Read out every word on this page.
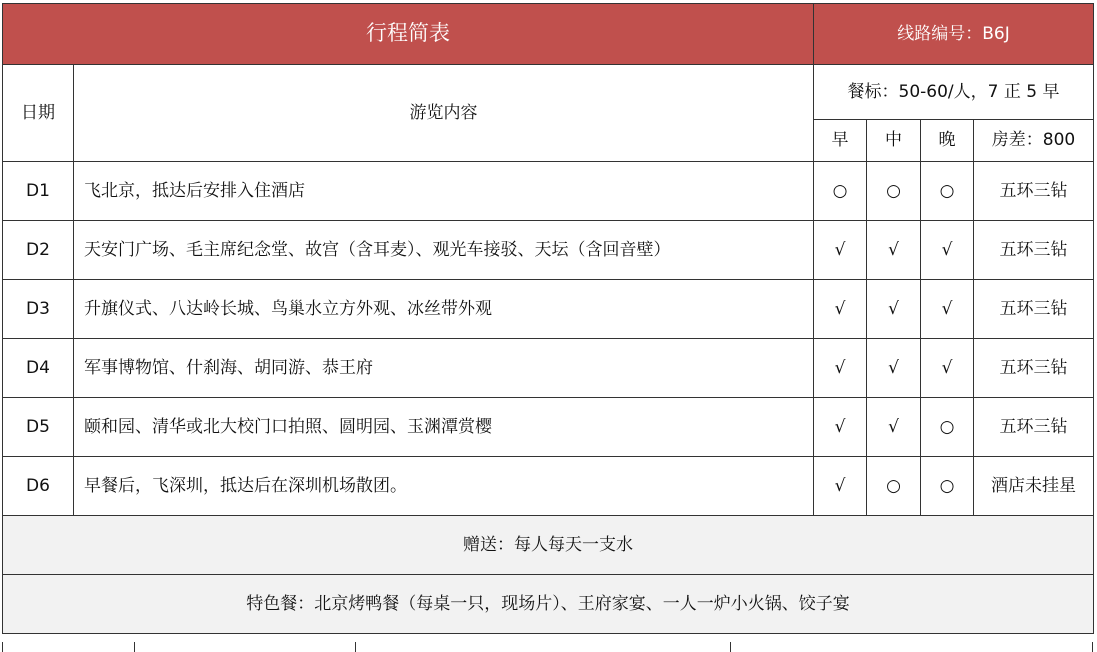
行程简表		线路编号：B6J			
日期	游览内容	餐标：50-60/人，7 正 5 早			
		早	中	晚	房差：800
D1	飞北京，抵达后安排入住酒店	○	○	○	五环三钻
D2	天安门广场、毛主席纪念堂、故宫（含耳麦）、观光车接驳、天坛（含回音壁）	√	√	√	五环三钻
D3	升旗仪式、八达岭长城、鸟巢水立方外观、冰丝带外观	√	√	√	五环三钻
D4	军事博物馆、什刹海、胡同游、恭王府	√	√	√	五环三钻
D5	颐和园、清华或北大校门口拍照、圆明园、玉渊潭赏樱	√	√	○	五环三钻
D6	早餐后，飞深圳，抵达后在深圳机场散团。	√	○	○	酒店未挂星
赠送：每人每天一支水					
特色餐：北京烤鸭餐（每桌一只，现场片）、王府家宴、一人一炉小火锅、饺子宴					
